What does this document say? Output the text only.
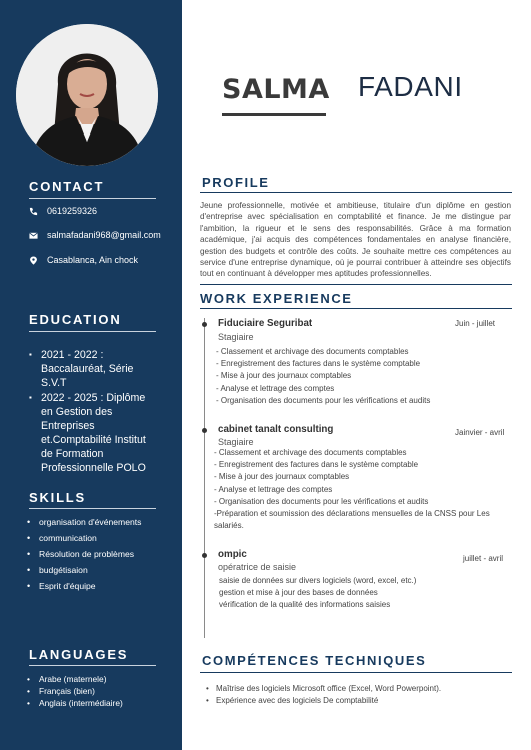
CONTACT
0619259326
salmafadani968@gmail.com
Casablanca, Ain chock
EDUCATION
▪ 2021 - 2022 : Baccalauréat, Série S.V.T
▪ 2022 - 2025 : Diplôme en Gestion des Entreprises et.Comptabilité Institut de Formation Professionnelle POLO
SKILLS
• organisation d'événements
• communication
• Résolution de problèmes
• budgétisaion
• Esprit d'équipe
LANGUAGES
• Arabe (maternele)
• Français (bien)
• Anglais (intermédiaire)
SALMA FADANI
PROFILE

Jeune professionnelle, motivée et ambitieuse, titulaire d'un diplôme en gestion d'entreprise avec spécialisation en comptabilité et finance. Je me distingue par l'ambition, la rigueur et le sens des responsabilités. Grâce à ma formation académique, j'ai acquis des compétences fondamentales en analyse financière, gestion des budgets et contrôle des coûts. Je souhaite mettre ces compétences au service d'une entreprise dynamique, où je pourrai contribuer à atteindre ses objectifs tout en continuant à développer mes aptitudes professionnelles.

WORK EXPERIENCE
Fiduciaire Seguribat

Stagiaire

Juin - juillet

- Classement et archivage des documents comptables
- Enregistrement des factures dans le système comptable
- Mise à jour des journaux comptables
- Analyse et lettrage des comptes
- Organisation des documents pour les vérifications et audits
cabinet tanalt consulting

Stagiaire

Jainvier - avril

- Classement et archivage des documents comptables
- Enregistrement des factures dans le système comptable
- Mise à jour des journaux comptables
- Analyse et lettrage des comptes
- Organisation des documents pour les vérifications et audits
-Préparation et soumission des déclarations mensuelles de la CNSS pour Les salariés.
ompic

opératrice de saisie

juillet - avril

saisie de données sur divers logiciels (word, excel, etc.)
gestion et mise à jour des bases de données
vérification de la qualité des informations saisies
COMPÉTENCES TECHNIQUES
• Maîtrise des logiciels Microsoft office (Excel, Word Powerpoint).
• Expérience avec des logiciels De comptabilité
